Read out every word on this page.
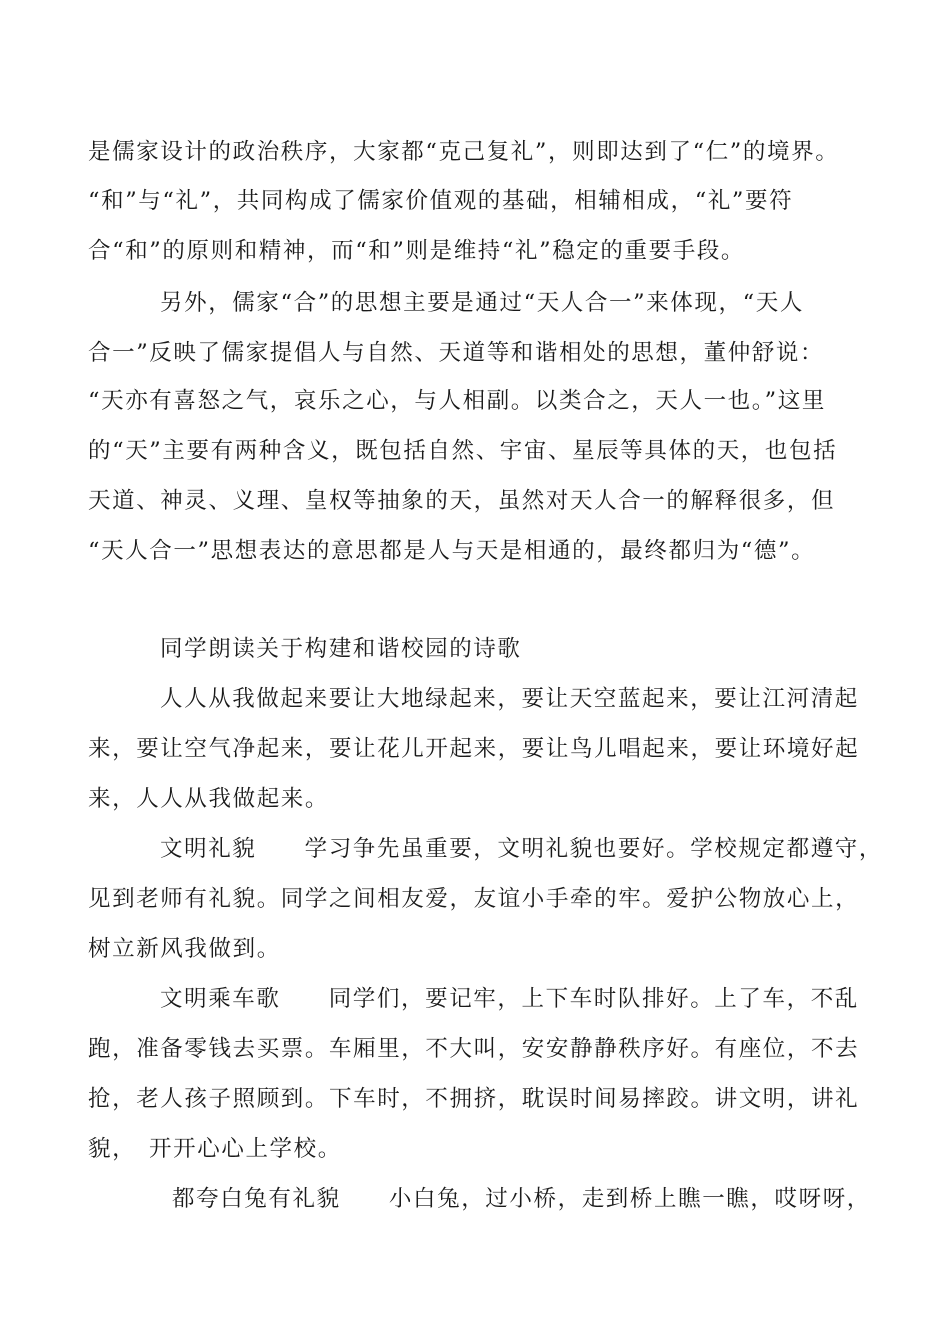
是儒家设计的政治秩序，大家都“克己复礼”，则即达到了“仁”的境界。
“和”与“礼”，共同构成了儒家价值观的基础，相辅相成，“礼”要符
合“和”的原则和精神，而“和”则是维持“礼”稳定的重要手段。
另外，儒家“合”的思想主要是通过“天人合一”来体现，“天人
合一”反映了儒家提倡人与自然、天道等和谐相处的思想，董仲舒说：
“天亦有喜怒之气，哀乐之心，与人相副。以类合之，天人一也。”这里
的“天”主要有两种含义，既包括自然、宇宙、星辰等具体的天，也包括
天道、神灵、义理、皇权等抽象的天，虽然对天人合一的解释很多，但
“天人合一”思想表达的意思都是人与天是相通的，最终都归为“德”。
同学朗读关于构建和谐校园的诗歌
人人从我做起来要让大地绿起来，要让天空蓝起来，要让江河清起
来，要让空气净起来，要让花儿开起来，要让鸟儿唱起来，要让环境好起
来，人人从我做起来。
文明礼貌　　学习争先虽重要，文明礼貌也要好。学校规定都遵守，
见到老师有礼貌。同学之间相友爱，友谊小手牵的牢。爱护公物放心上，
树立新风我做到。
文明乘车歌　　同学们，要记牢，上下车时队排好。上了车，不乱
跑，准备零钱去买票。车厢里，不大叫，安安静静秩序好。有座位，不去
抢，老人孩子照顾到。下车时，不拥挤，耽误时间易摔跤。讲文明，讲礼
貌，　开开心心上学校。
都夸白兔有礼貌　　小白兔，过小桥，走到桥上瞧一瞧，哎呀呀，
